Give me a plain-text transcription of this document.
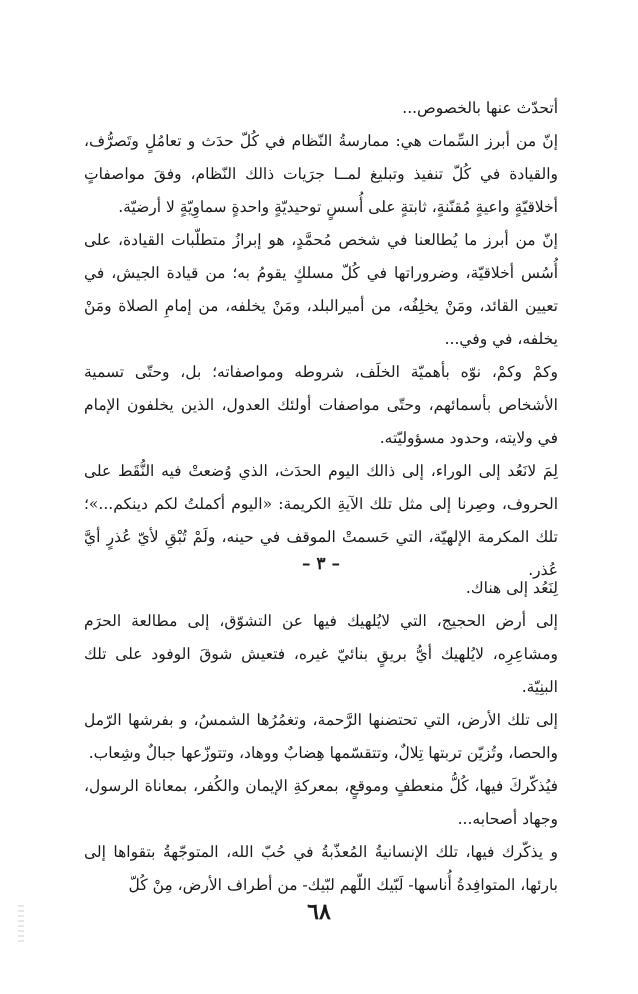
أتحدّث عنها بالخصوص...

إنّ من أبرز السِّمات هي: ممارسةُ النّظام في كُلّ حدَث و تعامُلٍ وتَصرُّف، والقيادة في كُلّ تنفيذ وتبليغ لمــا جرَيات ذالك النّظام، وفقَ مواصفاتٍ أخلاقيّةٍ واعيةٍ مُقنّنةٍ، ثابتةٍ على أُسسٍ توحيديّةٍ واحدةٍ سماوِيّةٍ لا أرضيّة.

إنّ من أبرز ما يُطالعنا في شخص مُحمَّدٍ، هو إبرازُ متطلّبات القيادة، على أُسُس أخلاقيّة، وضروراتها في كُلّ مسلكٍ يقومُ به؛ من قيادة الجيش، في تعيين القائد، ومَنْ يخلِفُه، من أميرالبلد، ومَنْ يخلفه، من إمامِ الصلاة ومَنْ يخلفه، في وفي...

وكمْ وكمْ، نوّه بأهميّة الخلَف، شروطه ومواصفاته؛ بل، وحتّى تسمية الأشخاص بأسمائهم، وحتّى مواصفات أولئك العدول، الذين يخلفون الإمام في ولايته، وحدود مسؤوليّته.

لِمَ لانَعُد إلى الوراء، إلى ذالك اليوم الحدَث، الذي وُضعتْ فيه النُّقَط على الحروف، وصِرنا إلى مثل تلك الآيةِ الكريمة: «اليوم أكملتُ لكم دينكم...»؛ تلك المكرمة الإلهيّة، التي حَسمتْ الموقف في حينه، ولَمْ تُبْقِ لأيّ عُذرٍ أيَّ عُذر.

– ٣ –

لِنَعُد إلى هناك.

إلى أرض الحجيج، التي لايُلهيك فيها عن التشوّق، إلى مطالعة الحرَم ومشاعِرِه، لايُلهيك أيُّ بريقٍ بنائيّ غيره، فتعيش شوقَ الوفود على تلك البنِيّة.

إلى تلك الأرض، التي تحتضنها الرَّحمة، وتغمُرُها الشمسُ، و بفرشها الرّمل والحصا، وتُزيّن تربتها تِلالٌ، وتتقسّمها هِضابٌ ووهاد، وتتوزّعها جبالٌ وشِعاب.

فيُذكّركَ فيها، كُلُّ منعطفٍ وموقعٍ، بمعركةِ الإيمان والكُفر، بمعاناة الرسول، وجهاد أصحابه...

و يذكّرك فيها، تلك الإنسانيةُ المُعذّبةُ في حُبّ الله، المتوجّهةُ بتقواها إلى بارئها، المتوافِدةُ أُناسها- لَبّيك اللّهم لبّيك- من أطراف الأرض، مِنْ كُلّ

٦٨
